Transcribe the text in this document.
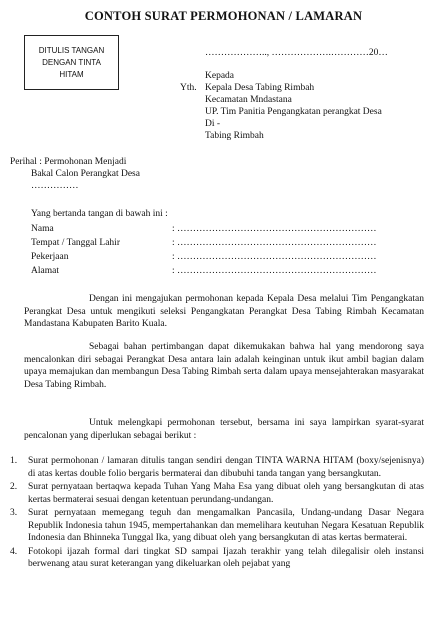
CONTOH SURAT PERMOHONAN / LAMARAN
DITULIS TANGAN
DENGAN TINTA
HITAM
……………….., ……………….…………20…
Kepada
Yth. Kepala Desa Tabing Rimbah
Kecamatan Mndastana
UP. Tim Panitia Pengangkatan perangkat Desa
Di -
Tabing Rimbah
Perihal : Permohonan Menjadi
Bakal Calon Perangkat Desa
……………
Yang bertanda tangan di bawah ini :
Nama	: ………………………………………………………
Tempat / Tanggal Lahir	: ………………………………………………………
Pekerjaan	: ………………………………………………………
Alamat	: ………………………………………………………
Dengan ini mengajukan permohonan kepada Kepala Desa melalui Tim Pengangkatan Perangkat Desa untuk mengikuti seleksi Pengangkatan Perangkat Desa Tabing Rimbah Kecamatan Mandastana Kabupaten Barito Kuala.
Sebagai bahan pertimbangan dapat dikemukakan bahwa hal yang mendorong saya mencalonkan diri sebagai Perangkat Desa antara lain adalah keinginan untuk ikut ambil bagian dalam upaya memajukan dan membangun Desa Tabing Rimbah serta dalam upaya mensejahterakan masyarakat Desa Tabing Rimbah.
Untuk melengkapi permohonan tersebut, bersama ini saya lampirkan syarat-syarat pencalonan yang diperlukan sebagai berikut :
1. Surat permohonan / lamaran ditulis tangan sendiri dengan TINTA WARNA HITAM (boxy/sejenisnya) di atas kertas double folio bergaris bermaterai dan dibubuhi tanda tangan yang bersangkutan.
2. Surat pernyataan bertaqwa kepada Tuhan Yang Maha Esa yang dibuat oleh yang bersangkutan di atas kertas bermaterai sesuai dengan ketentuan perundang-undangan.
3. Surat pernyataan memegang teguh dan mengamalkan Pancasila, Undang-undang Dasar Negara Republik Indonesia tahun 1945, mempertahankan dan memelihara keutuhan Negara Kesatuan Republik Indonesia dan Bhinneka Tunggal Ika, yang dibuat oleh yang bersangkutan di atas kertas bermaterai.
4. Fotokopi ijazah formal dari tingkat SD sampai Ijazah terakhir yang telah dilegalisir oleh instansi berwenang atau surat keterangan yang dikeluarkan oleh pejabat yang
